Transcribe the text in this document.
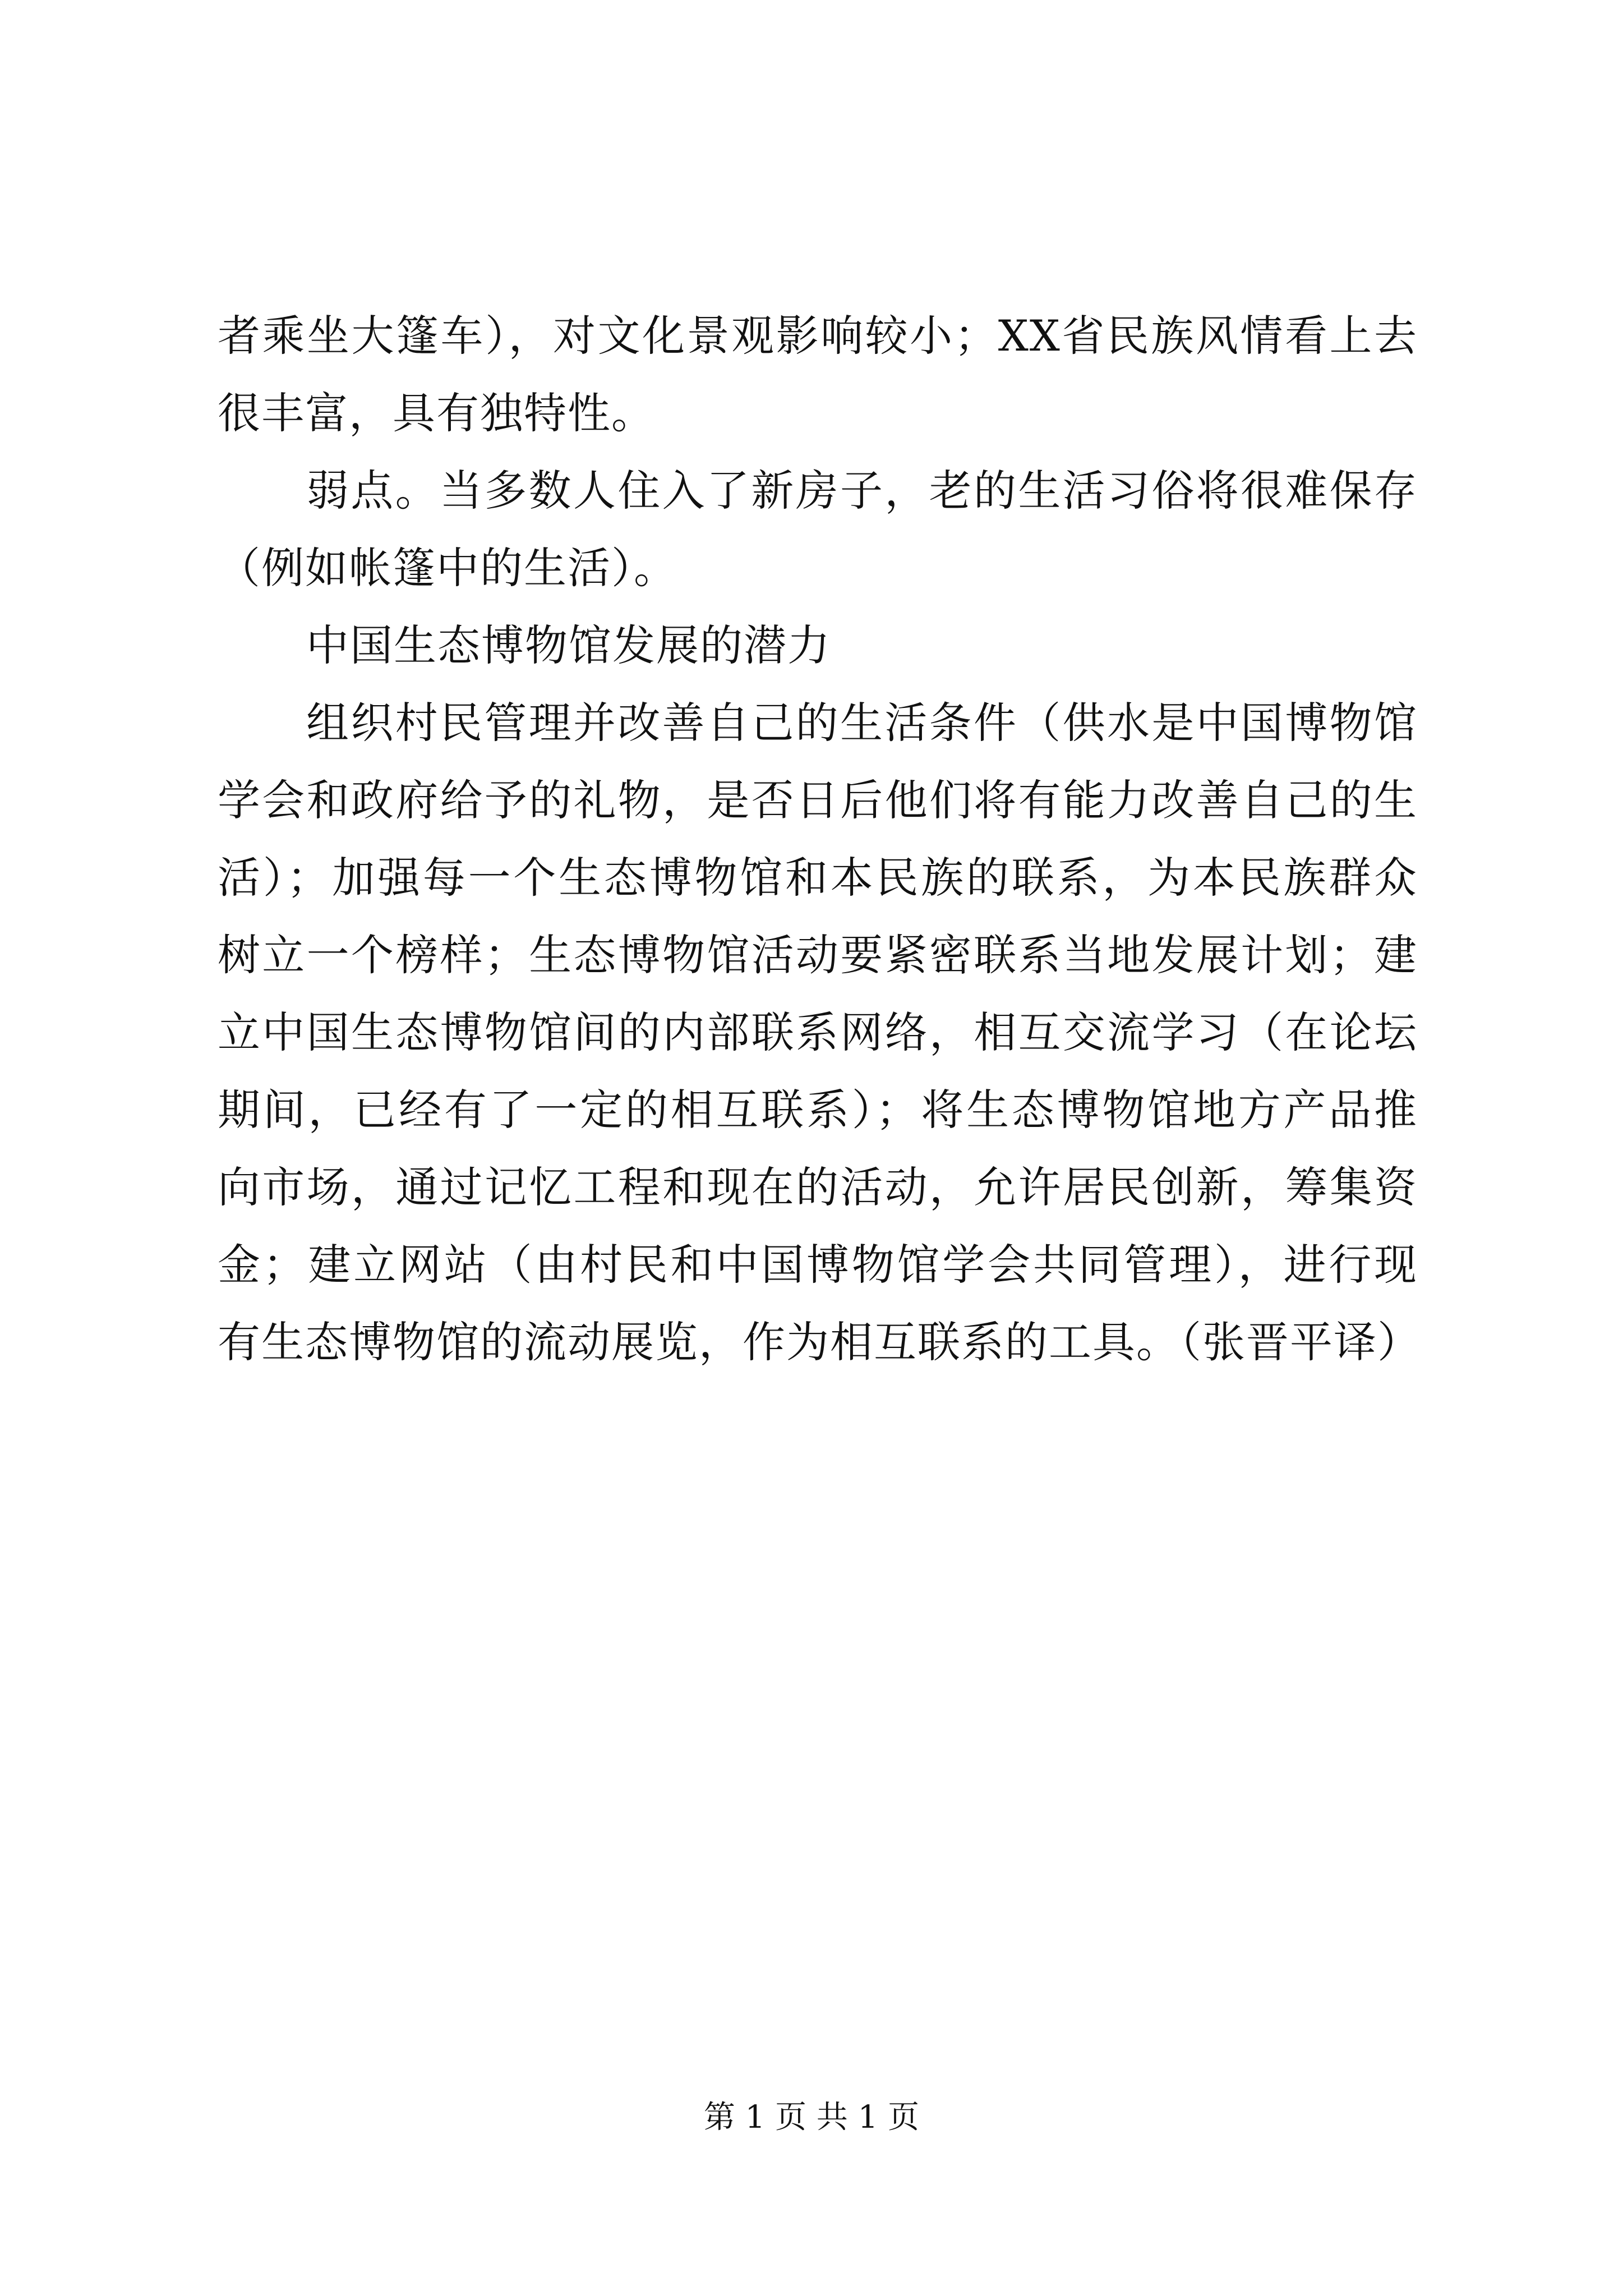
者乘坐大篷车），对文化景观影响较小；XX省民族风情看上去很丰富，具有独特性。

弱点。当多数人住入了新房子，老的生活习俗将很难保存（例如帐篷中的生活）。

中国生态博物馆发展的潜力

组织村民管理并改善自己的生活条件（供水是中国博物馆学会和政府给予的礼物，是否日后他们将有能力改善自己的生活）；加强每一个生态博物馆和本民族的联系，为本民族群众树立一个榜样；生态博物馆活动要紧密联系当地发展计划；建立中国生态博物馆间的内部联系网络，相互交流学习（在论坛期间，已经有了一定的相互联系）；将生态博物馆地方产品推向市场，通过记忆工程和现在的活动，允许居民创新，筹集资金；建立网站（由村民和中国博物馆学会共同管理），进行现有生态博物馆的流动展览，作为相互联系的工具。（张晋平译）

第 1 页 共 1 页
